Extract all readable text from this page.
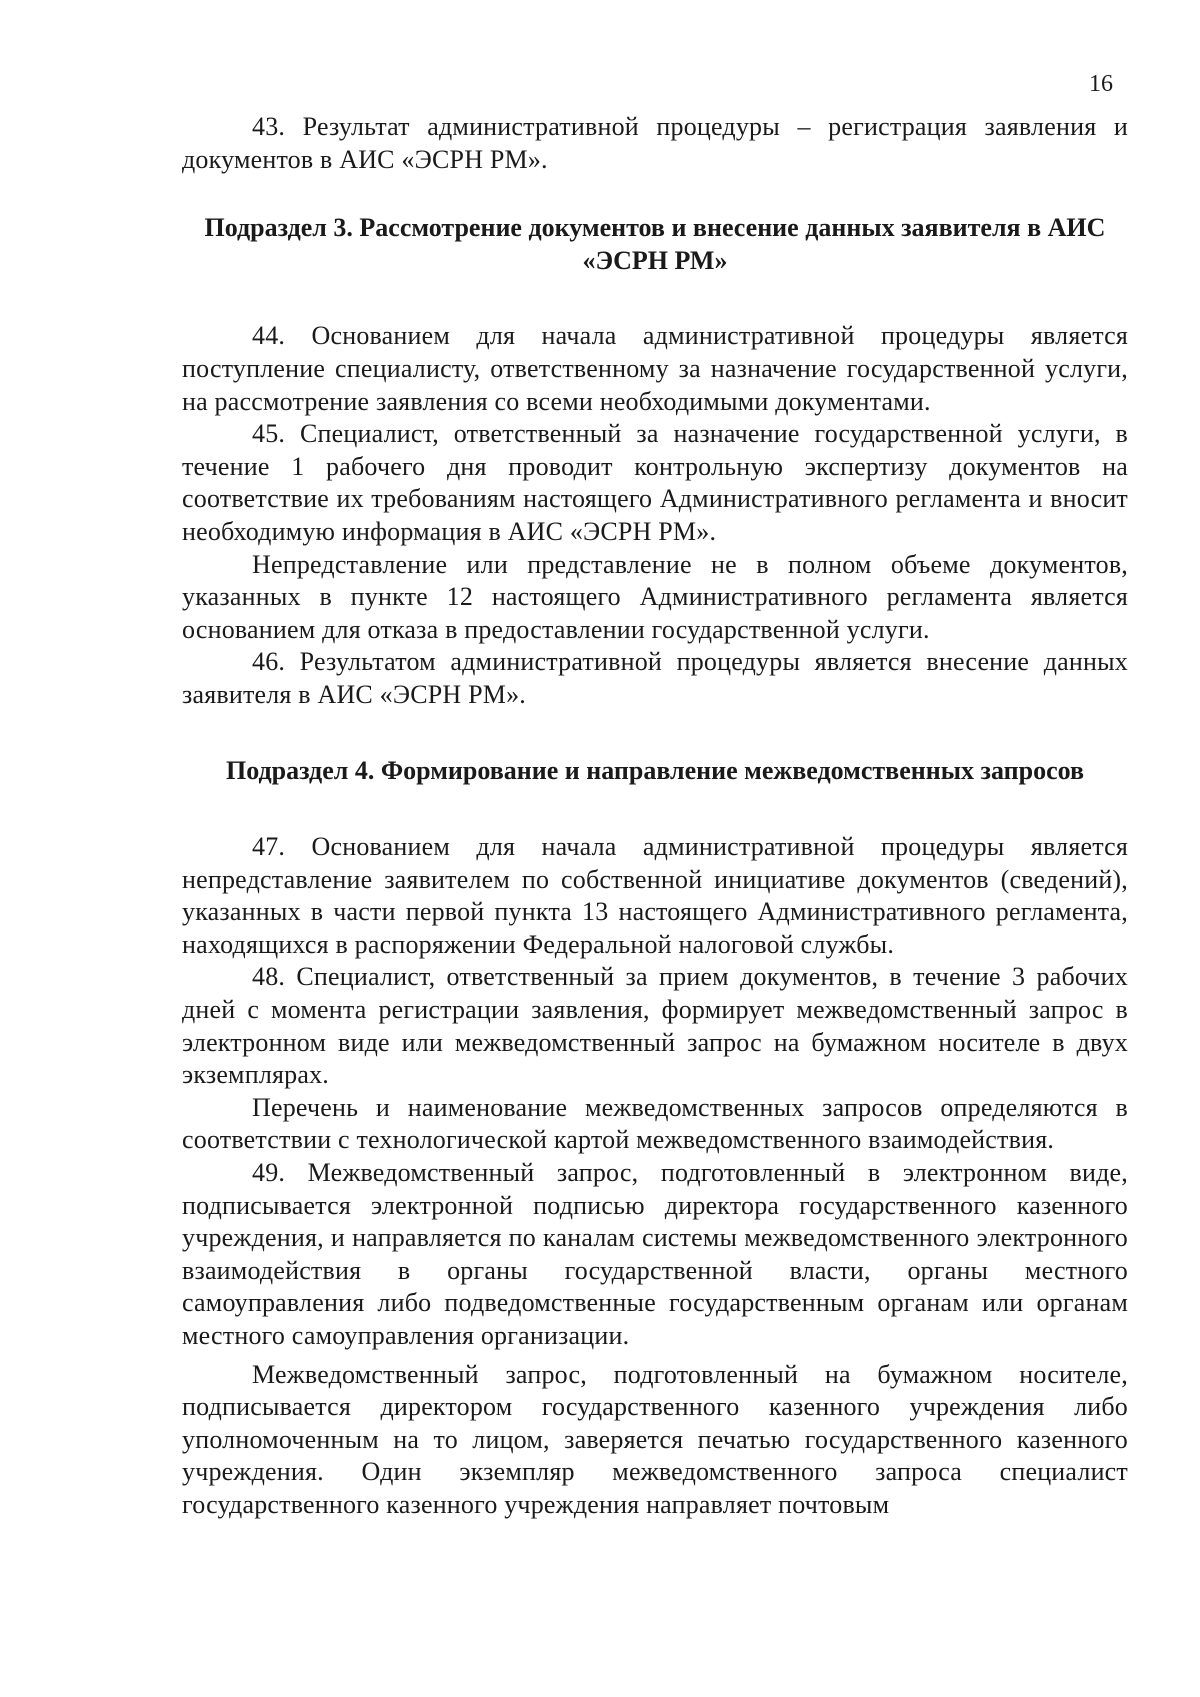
16

43. Результат административной процедуры – регистрация заявления и документов в АИС «ЭСРН РМ».

Подраздел 3. Рассмотрение документов и внесение данных заявителя в АИС «ЭСРН РМ»

44. Основанием для начала административной процедуры является поступление специалисту, ответственному за назначение государственной услуги, на рассмотрение заявления со всеми необходимыми документами.

45. Специалист, ответственный за назначение государственной услуги, в течение 1 рабочего дня проводит контрольную экспертизу документов на соответствие их требованиям настоящего Административного регламента и вносит необходимую информация в АИС «ЭСРН РМ».

Непредставление или представление не в полном объеме документов, указанных в пункте 12 настоящего Административного регламента является основанием для отказа в предоставлении государственной услуги.

46. Результатом административной процедуры является внесение данных заявителя в АИС «ЭСРН РМ».

Подраздел 4. Формирование и направление межведомственных запросов

47. Основанием для начала административной процедуры является непредставление заявителем по собственной инициативе документов (сведений), указанных в части первой пункта 13 настоящего Административного регламента, находящихся в распоряжении Федеральной налоговой службы.

48. Специалист, ответственный за прием документов, в течение 3 рабочих дней с момента регистрации заявления, формирует межведомственный запрос в электронном виде или межведомственный запрос на бумажном носителе в двух экземплярах.

Перечень и наименование межведомственных запросов определяются в соответствии с технологической картой межведомственного взаимодействия.

49. Межведомственный запрос, подготовленный в электронном виде, подписывается электронной подписью директора государственного казенного учреждения, и направляется по каналам системы межведомственного электронного взаимодействия в органы государственной власти, органы местного самоуправления либо подведомственные государственным органам или органам местного самоуправления организации.

Межведомственный запрос, подготовленный на бумажном носителе, подписывается директором государственного казенного учреждения либо уполномоченным на то лицом, заверяется печатью государственного казенного учреждения. Один экземпляр межведомственного запроса специалист государственного казенного учреждения направляет почтовым
